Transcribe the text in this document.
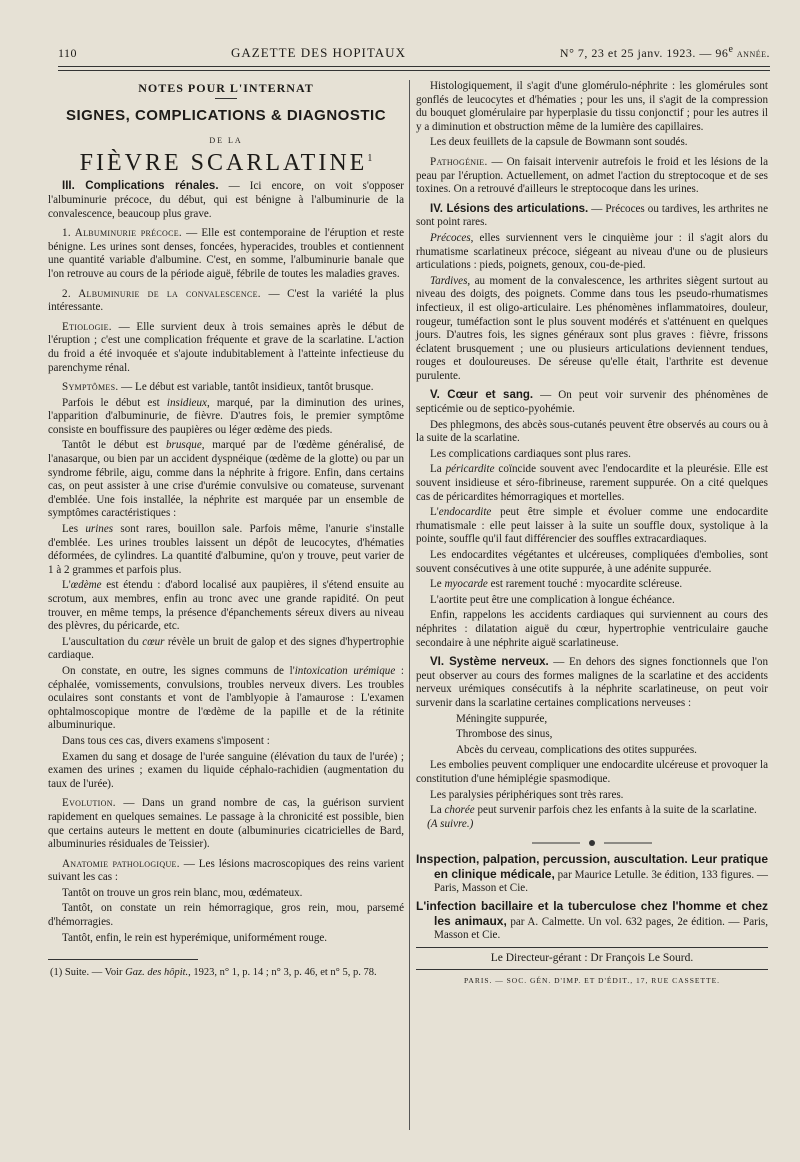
110	GAZETTE DES HOPITAUX	N° 7, 23 et 25 janv. 1923. — 96e année.
NOTES POUR L'INTERNAT
SIGNES, COMPLICATIONS & DIAGNOSTIC
DE LA
FIÈVRE SCARLATINE$^1$

III. Complications rénales. — Ici encore, on voit s'opposer l'albuminurie précoce, du début, qui est bénigne à l'albuminurie de la convalescence, beaucoup plus grave.

1. Albuminurie précoce. — Elle est contemporaine de l'éruption et reste bénigne. Les urines sont denses, foncées, hyperacides, troubles et contiennent une quantité variable d'albumine. C'est, en somme, l'albuminurie banale que l'on retrouve au cours de la période aiguë, fébrile de toutes les maladies graves.

2. Albuminurie de la convalescence. — C'est la variété la plus intéressante.

Etiologie. — Elle survient deux à trois semaines après le début de l'éruption ; c'est une complication fréquente et grave de la scarlatine. L'action du froid a été invoquée et s'ajoute indubitablement à l'atteinte infectieuse du parenchyme rénal.

Symptômes. — Le début est variable, tantôt insidieux, tantôt brusque.

Parfois le début est insidieux, marqué, par la diminution des urines, l'apparition d'albuminurie, de fièvre. D'autres fois, le premier symptôme consiste en bouffissure des paupières ou léger œdème des pieds.

Tantôt le début est brusque, marqué par de l'œdème généralisé, de l'anasarque, ou bien par un accident dyspnéique (œdème de la glotte) ou par un syndrome fébrile, aigu, comme dans la néphrite à frigore. Enfin, dans certains cas, on peut assister à une crise d'urémie convulsive ou comateuse, survenant d'emblée. Une fois installée, la néphrite est marquée par un ensemble de symptômes caractéristiques :

Les urines sont rares, bouillon sale. Parfois même, l'anurie s'installe d'emblée. Les urines troubles laissent un dépôt de leucocytes, d'hématies déformées, de cylindres. La quantité d'albumine, qu'on y trouve, peut varier de 1 à 2 grammes et parfois plus.

L'œdème est étendu : d'abord localisé aux paupières, il s'étend ensuite au scrotum, aux membres, enfin au tronc avec une grande rapidité. On peut trouver, en même temps, la présence d'épanchements séreux divers au niveau des plèvres, du péricarde, etc.

L'auscultation du cœur révèle un bruit de galop et des signes d'hypertrophie cardiaque.

On constate, en outre, les signes communs de l'intoxication urémique : céphalée, vomissements, convulsions, troubles nerveux divers. Les troubles oculaires sont constants et vont de l'amblyopie à l'amaurose : L'examen ophtalmoscopique montre de l'œdème de la papille et de la rétinite albuminurique.

Dans tous ces cas, divers examens s'imposent :

Examen du sang et dosage de l'urée sanguine (élévation du taux de l'urée) ; examen des urines ; examen du liquide céphalo-rachidien (augmentation du taux de l'urée).

Evolution. — Dans un grand nombre de cas, la guérison survient rapidement en quelques semaines. Le passage à la chronicité est possible, bien que certains auteurs le mettent en doute (albuminuries cicatricielles de Bard, albuminuries résiduales de Teissier).

Anatomie pathologique. — Les lésions macroscopiques des reins varient suivant les cas :

Tantôt on trouve un gros rein blanc, mou, œdémateux.

Tantôt, on constate un rein hémorragique, gros rein, mou, parsemé d'hémorragies.

Tantôt, enfin, le rein est hyperémique, uniformément rouge.

(1) Suite. — Voir Gaz. des hôpit., 1923, n° 1, p. 14 ; n° 3, p. 46, et n° 5, p. 78.

Histologiquement, il s'agit d'une glomérulo-néphrite : les glomérules sont gonflés de leucocytes et d'hématies ; pour les uns, il s'agit de la compression du bouquet glomérulaire par hyperplasie du tissu conjonctif ; pour les autres il y a diminution et obstruction même de la lumière des capillaires.

Les deux feuillets de la capsule de Bowmann sont soudés.

Pathogénie. — On faisait intervenir autrefois le froid et les lésions de la peau par l'éruption. Actuellement, on admet l'action du streptocoque et de ses toxines. On a retrouvé d'ailleurs le streptocoque dans les urines.

IV. Lésions des articulations. — Précoces ou tardives, les arthrites ne sont point rares.

Précoces, elles surviennent vers le cinquième jour : il s'agit alors du rhumatisme scarlatineux précoce, siégeant au niveau d'une ou de plusieurs articulations : pieds, poignets, genoux, cou-de-pied.

Tardives, au moment de la convalescence, les arthrites siègent surtout au niveau des doigts, des poignets. Comme dans tous les pseudo-rhumatismes infectieux, il est oligo-articulaire. Les phénomènes inflammatoires, douleur, rougeur, tuméfaction sont le plus souvent modérés et s'atténuent en quelques jours. D'autres fois, les signes généraux sont plus graves : fièvre, frissons éclatent brusquement ; une ou plusieurs articulations deviennent tendues, rouges et douloureuses. De séreuse qu'elle était, l'arthrite est devenue purulente.

V. Cœur et sang. — On peut voir survenir des phénomènes de septicémie ou de septico-pyohémie.

Des phlegmons, des abcès sous-cutanés peuvent être observés au cours ou à la suite de la scarlatine.

Les complications cardiaques sont plus rares.

La péricardite coïncide souvent avec l'endocardite et la pleurésie. Elle est souvent insidieuse et séro-fibrineuse, rarement suppurée. On a cité quelques cas de péricardites hémorragiques et mortelles.

L'endocardite peut être simple et évoluer comme une endocardite rhumatismale : elle peut laisser à la suite un souffle doux, systolique à la pointe, souffle qu'il faut différencier des souffles extracardiaques.

Les endocardites végétantes et ulcéreuses, compliquées d'embolies, sont souvent consécutives à une otite suppurée, à une adénite suppurée.

Le myocarde est rarement touché : myocardite scléreuse.

L'aortite peut être une complication à longue échéance.

Enfin, rappelons les accidents cardiaques qui surviennent au cours des néphrites : dilatation aiguë du cœur, hypertrophie ventriculaire gauche secondaire à une néphrite aiguë scarlatineuse.

VI. Système nerveux. — En dehors des signes fonctionnels que l'on peut observer au cours des formes malignes de la scarlatine et des accidents nerveux urémiques consécutifs à la néphrite scarlatineuse, on peut voir survenir dans la scarlatine certaines complications nerveuses :

Méningite suppurée,

Thrombose des sinus,

Abcès du cerveau, complications des otites suppurées.

Les embolies peuvent compliquer une endocardite ulcéreuse et provoquer la constitution d'une hémiplégie spasmodique.

Les paralysies périphériques sont très rares.

La chorée peut survenir parfois chez les enfants à la suite de la scarlatine.         (A suivre.)

Inspection, palpation, percussion, auscultation. Leur pratique en clinique médicale, par Maurice Letulle. 3e édition, 133 figures. — Paris, Masson et Cie.

L'infection bacillaire et la tuberculose chez l'homme et chez les animaux, par A. Calmette. Un vol. 632 pages, 2e édition. — Paris, Masson et Cie.

Le Directeur-gérant : Dr François Le Sourd.
PARIS. — SOC. GÉN. D'IMP. ET D'ÉDIT., 17, RUE CASSETTE.
